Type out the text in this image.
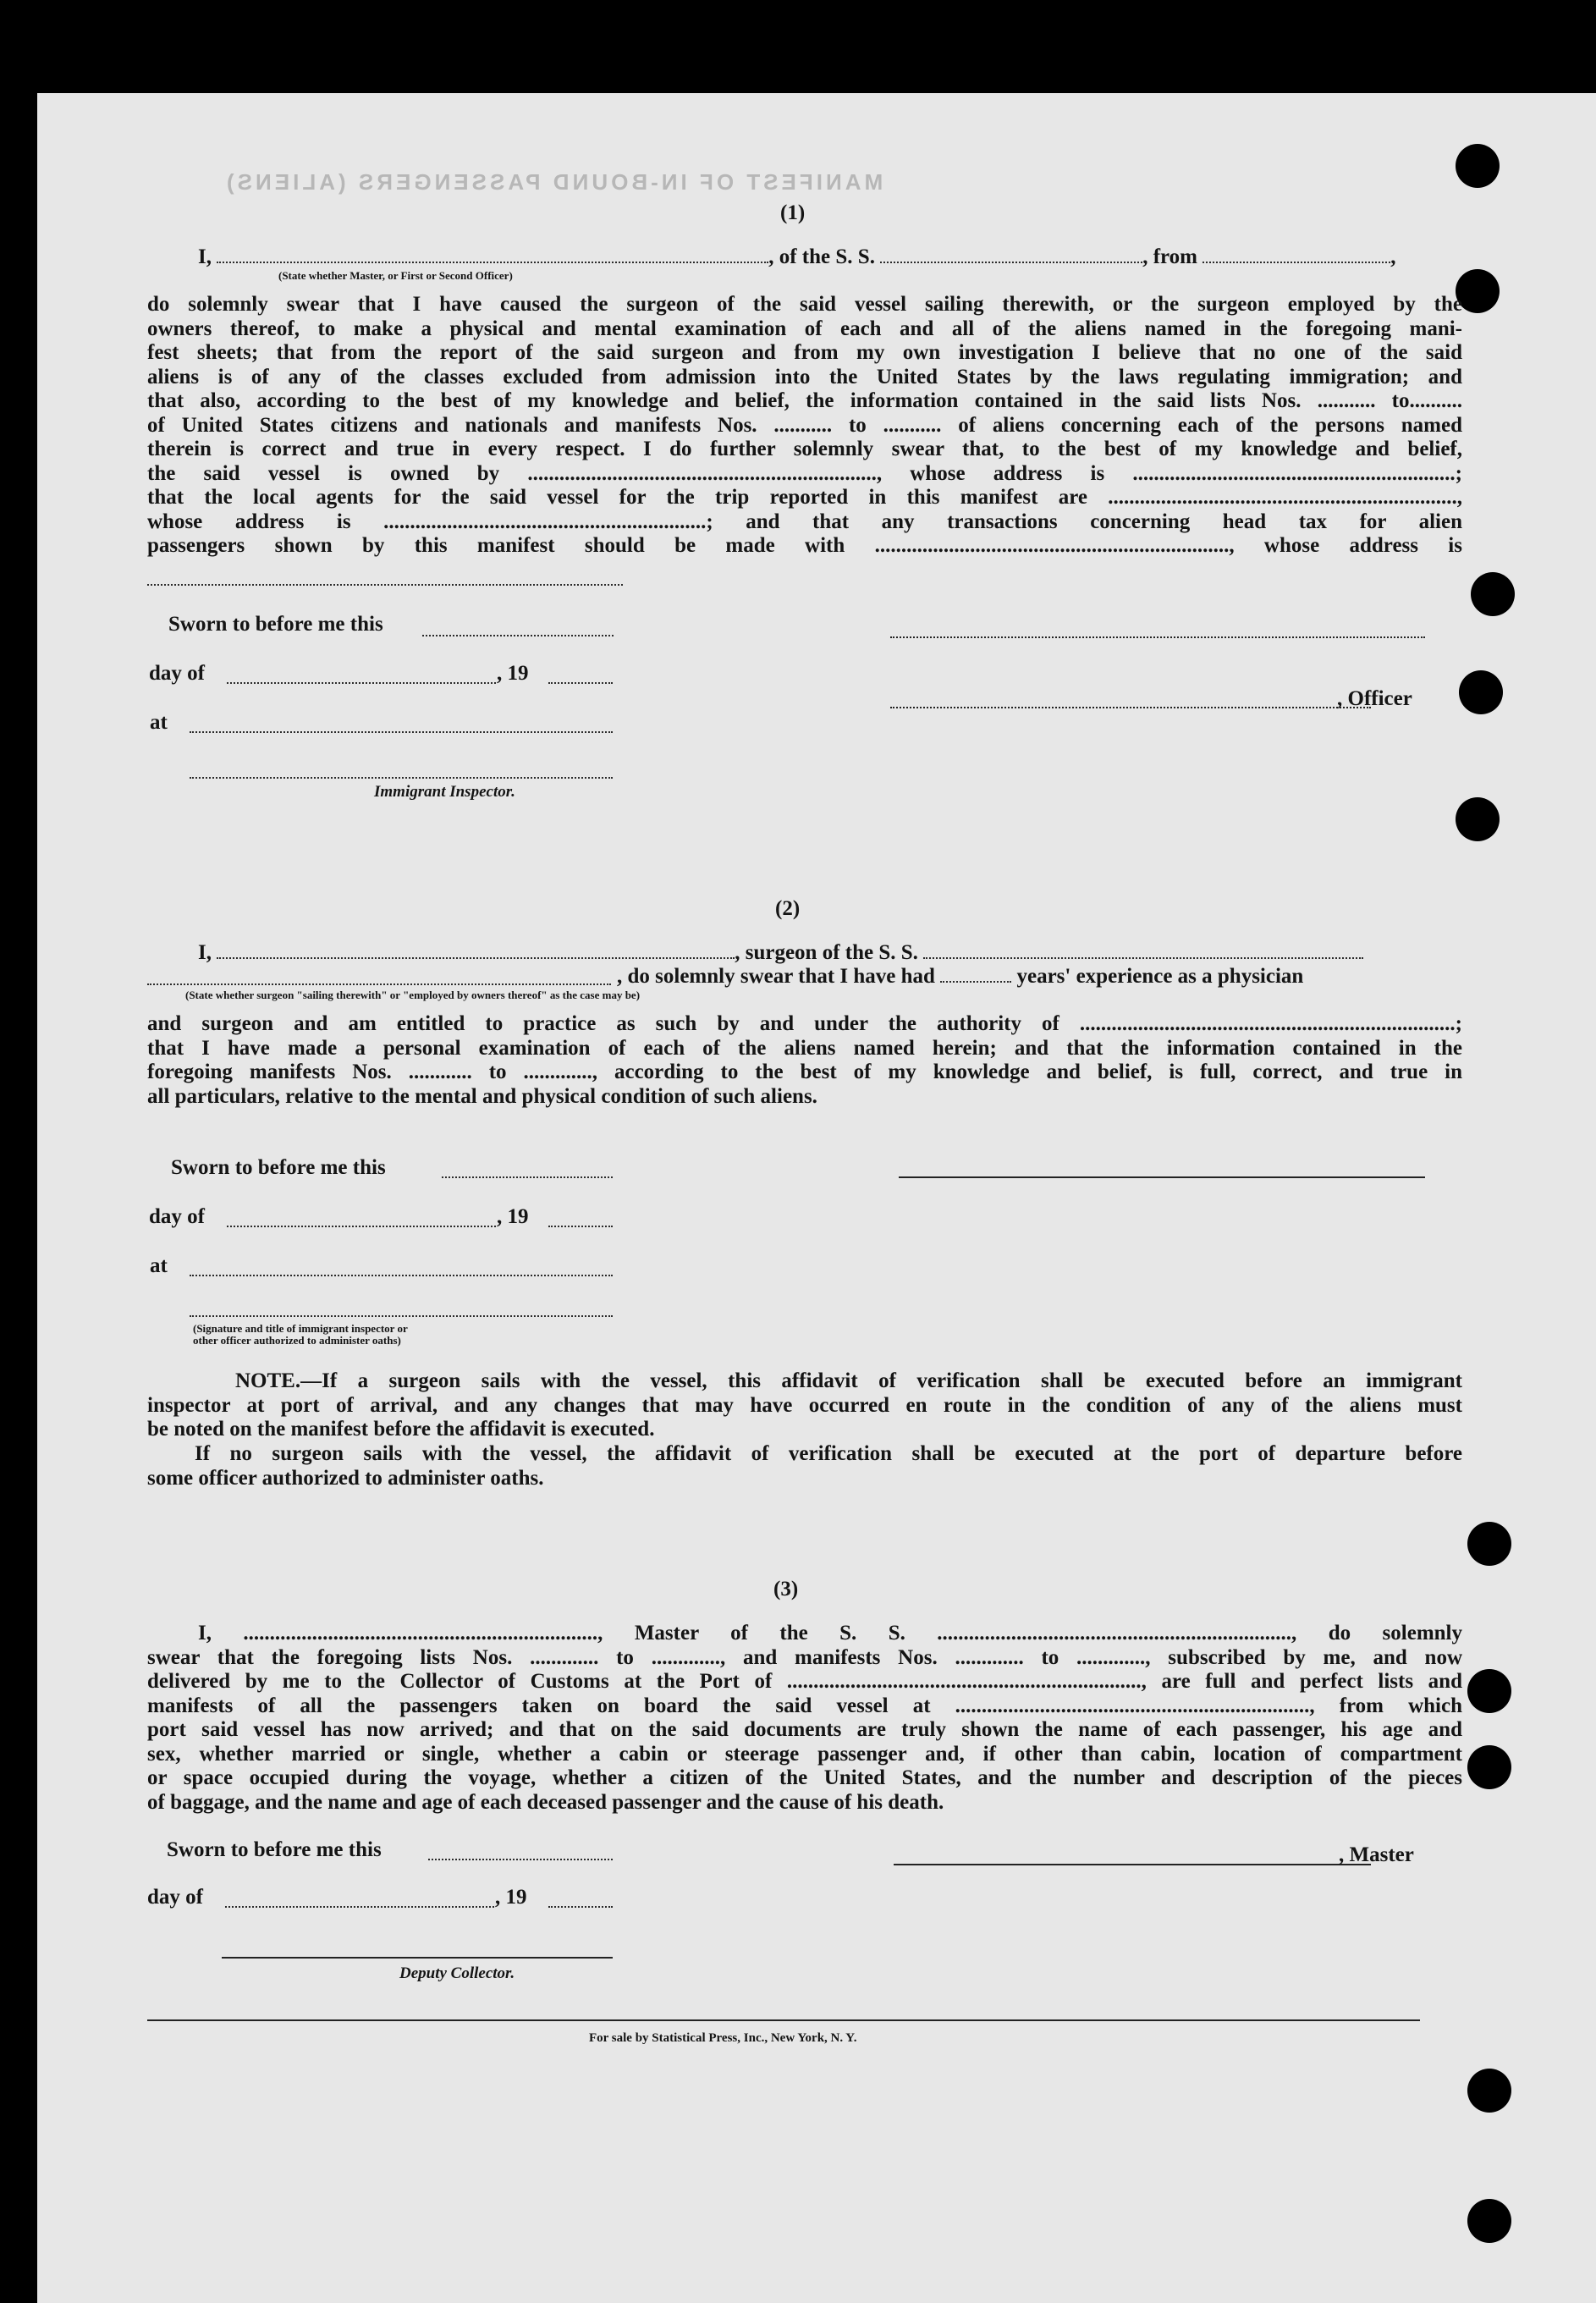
MANIFEST OF IN-BOUND PASSENGERS (ALIENS)
(1)
I,	, of the S. S.	, from	,
(State whether Master, or First or Second Officer)
do solemnly swear that I have caused the surgeon of the said vessel sailing therewith, or the surgeon employed by the
owners thereof, to make a physical and mental examination of each and all of the aliens named in the foregoing mani-
fest sheets; that from the report of the said surgeon and from my own investigation I believe that no one of the said
aliens is of any of the classes excluded from admission into the United States by the laws regulating immigration; and
that also, according to the best of my knowledge and belief, the information contained in the said lists Nos. ........... to..........
of United States citizens and nationals and manifests Nos. ........... to ........... of aliens concerning each of the persons named
therein is correct and true in every respect. I do further solemnly swear that, to the best of my knowledge and belief,
the said vessel is owned by .................................................................., whose address is .............................................................;
that the local agents for the said vessel for the trip reported in this manifest are ..................................................................,
whose address is .............................................................; and that any transactions concerning head tax for alien
passengers shown by this manifest should be made with ..................................................................., whose address is
Sworn to before me this
day of	, 19
, Officer
at
Immigrant Inspector.
(2)
I,	, surgeon of the S. S.
, do solemnly swear that I have had	years' experience as a physician
(State whether surgeon "sailing therewith" or "employed by owners thereof" as the case may be)
and surgeon and am entitled to practice as such by and under the authority of .......................................................................;
that I have made a personal examination of each of the aliens named herein; and that the information contained in the
foregoing manifests Nos. ............ to ............., according to the best of my knowledge and belief, is full, correct, and true in
all particulars, relative to the mental and physical condition of such aliens.
Sworn to before me this
day of	, 19
at
(Signature and title of immigrant inspector or
other officer authorized to administer oaths)
NOTE.—If a surgeon sails with the vessel, this affidavit of verification shall be executed before an immigrant
inspector at port of arrival, and any changes that may have occurred en route in the condition of any of the aliens must
be noted on the manifest before the affidavit is executed.
If no surgeon sails with the vessel, the affidavit of verification shall be executed at the port of departure before
some officer authorized to administer oaths.
(3)
I, ..................................................................., Master of the S. S. ..................................................................., do solemnly
swear that the foregoing lists Nos. ............. to ............., and manifests Nos. ............. to ............., subscribed by me, and now
delivered by me to the Collector of Customs at the Port of ..................................................................., are full and perfect lists and
manifests of all the passengers taken on board the said vessel at ..................................................................., from which
port said vessel has now arrived; and that on the said documents are truly shown the name of each passenger, his age and
sex, whether married or single, whether a cabin or steerage passenger and, if other than cabin, location of compartment
or space occupied during the voyage, whether a citizen of the United States, and the number and description of the pieces
of baggage, and the name and age of each deceased passenger and the cause of his death.
Sworn to before me this	, Master
day of	, 19
Deputy Collector.
For sale by Statistical Press, Inc., New York, N. Y.
